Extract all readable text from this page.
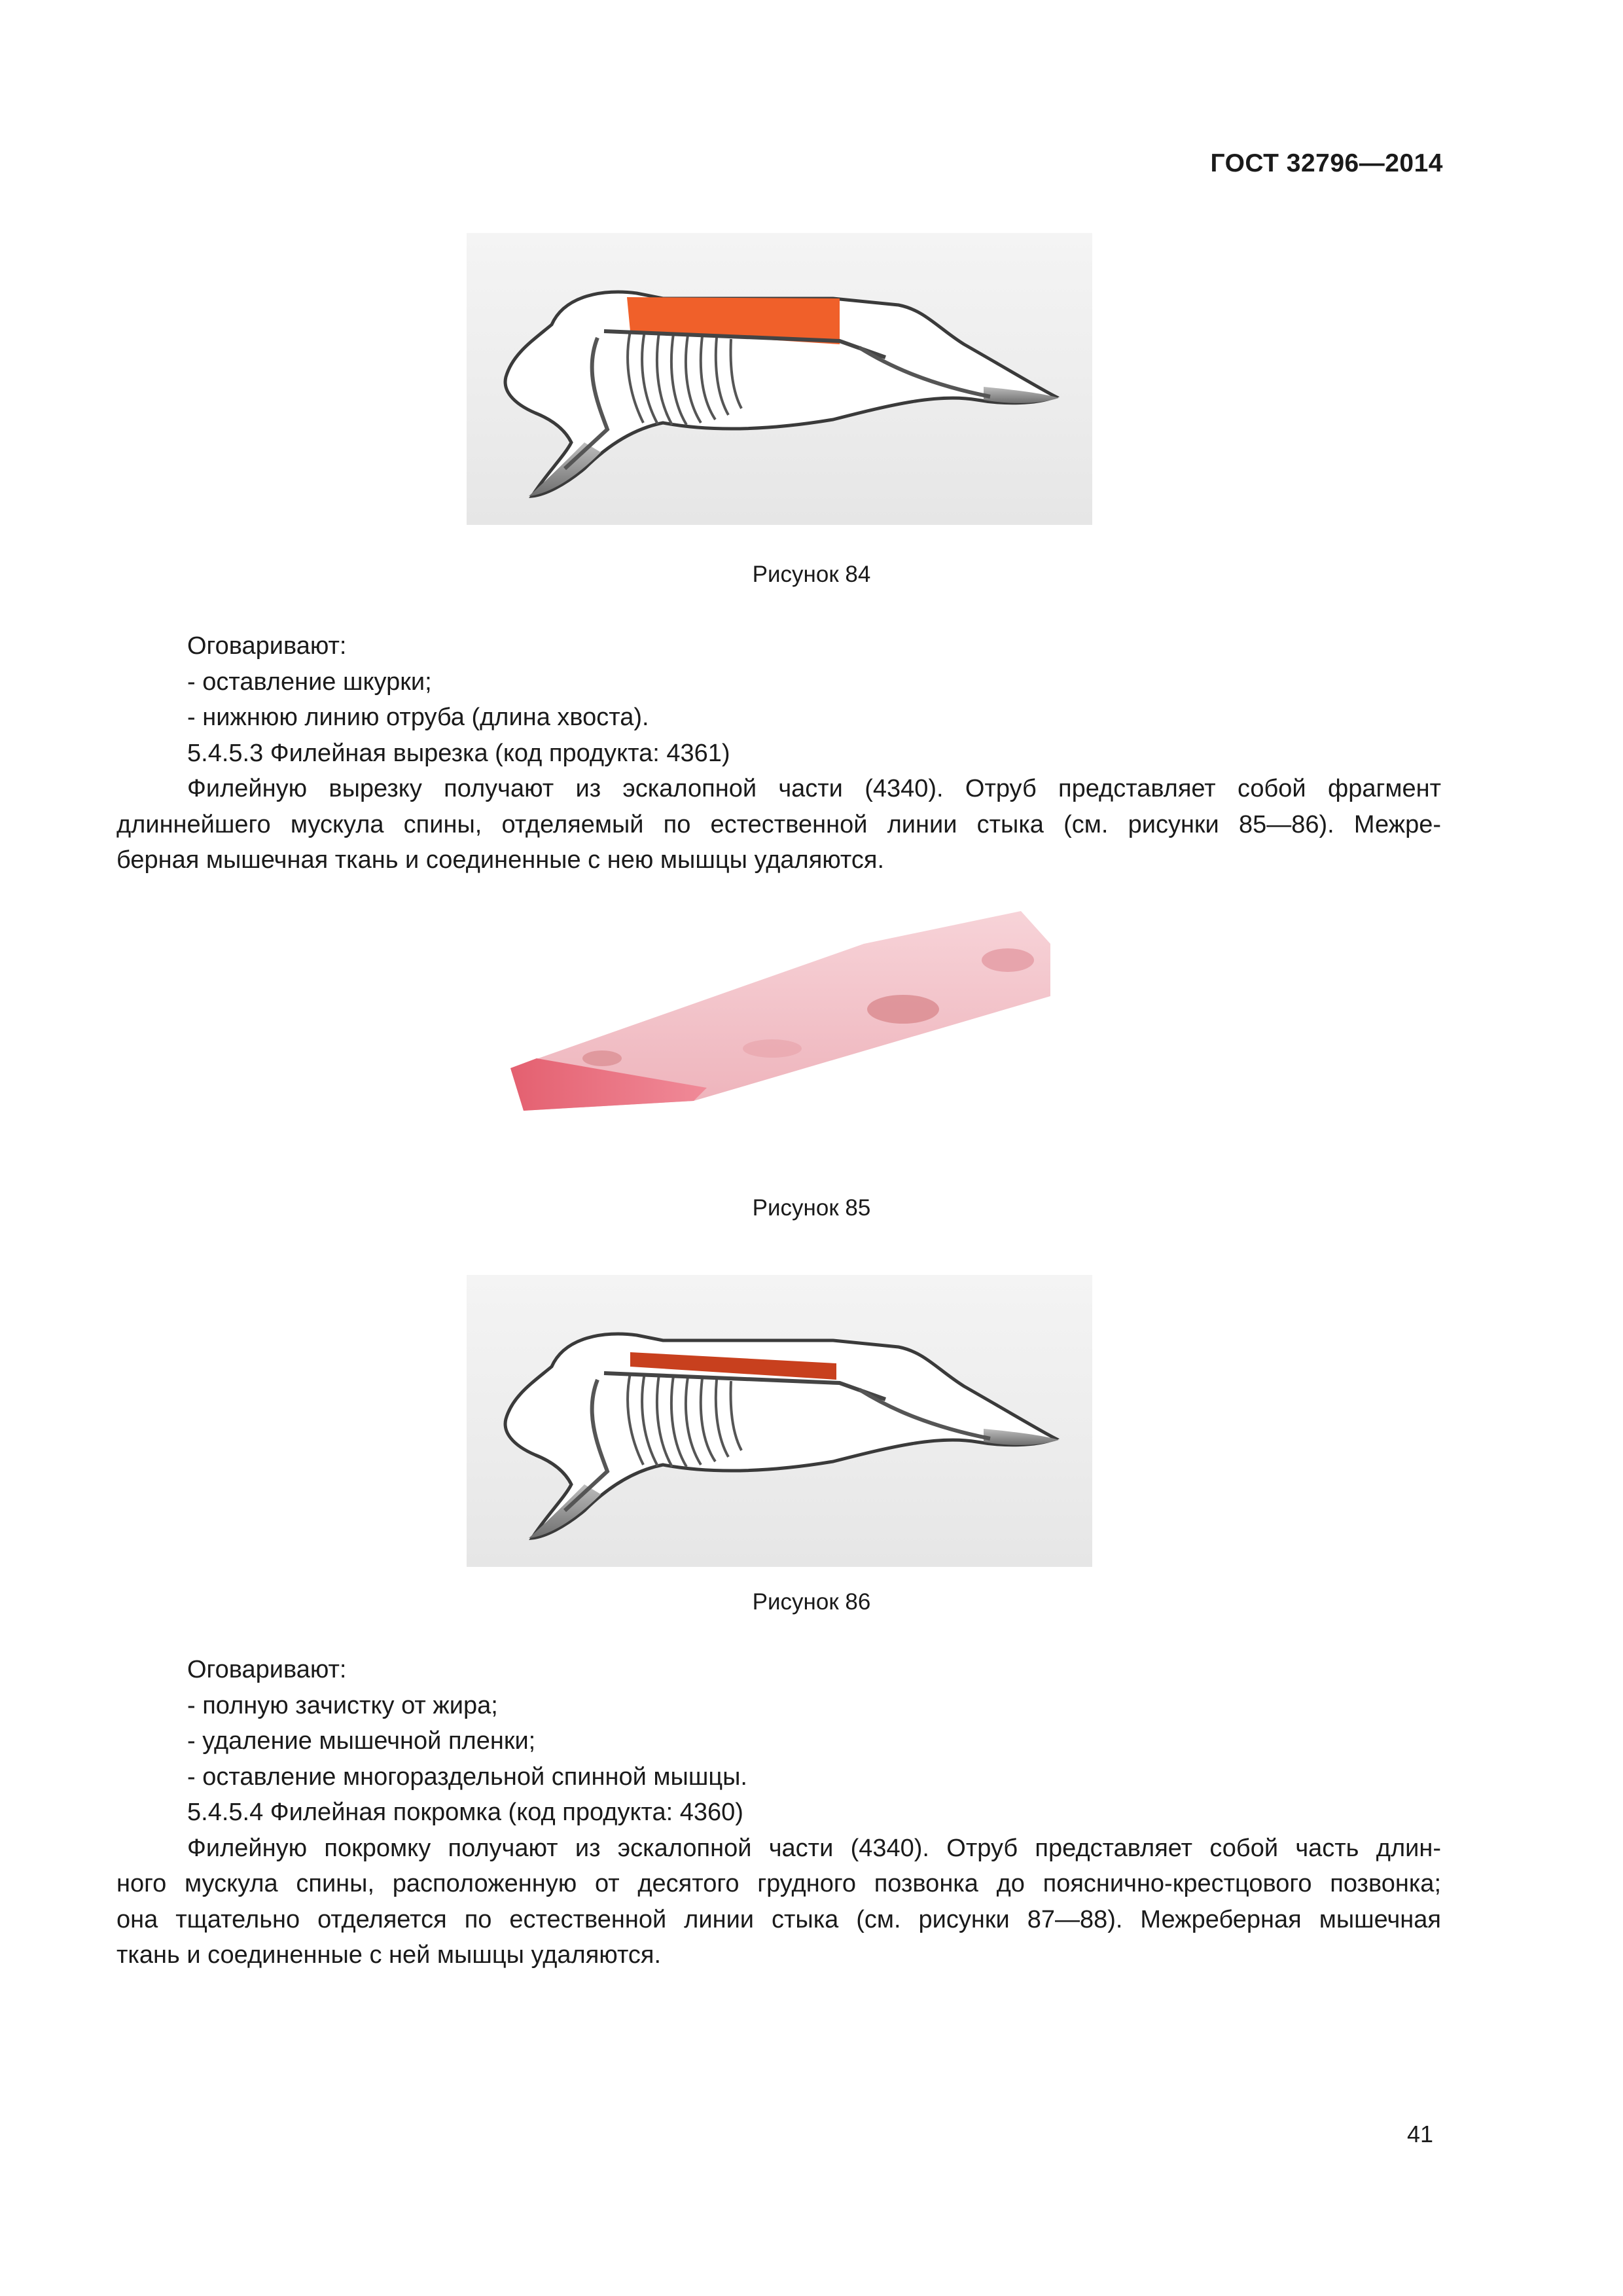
ГОСТ 32796—2014
Рисунок 84
Оговаривают:
- оставление шкурки;
- нижнюю линию отруба (длина хвоста).
5.4.5.3 Филейная вырезка (код продукта: 4361)
Филейную вырезку получают из эскалопной части (4340). Отруб представляет собой фрагмент
длиннейшего мускула спины, отделяемый по естественной линии стыка (см. рисунки 85—86). Межре-
берная мышечная ткань и соединенные с нею мышцы удаляются.
Рисунок 85
Рисунок 86
Оговаривают:
- полную зачистку от жира;
- удаление мышечной пленки;
- оставление многораздельной спинной мышцы.
5.4.5.4 Филейная покромка (код продукта: 4360)
Филейную покромку получают из эскалопной части (4340). Отруб представляет собой часть длин-
ного мускула спины, расположенную от десятого грудного позвонка до пояснично-крестцового позвонка;
она тщательно отделяется по естественной линии стыка (см. рисунки 87—88). Межреберная мышечная
ткань и соединенные с ней мышцы удаляются.
41
